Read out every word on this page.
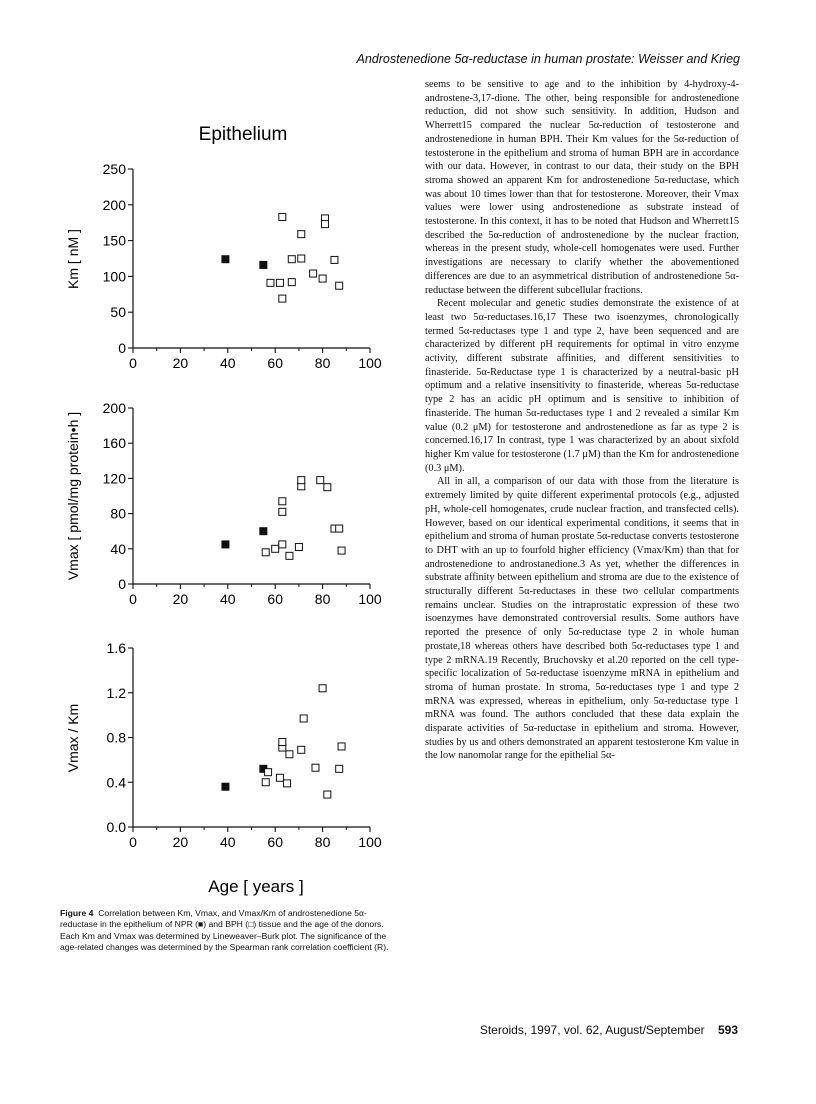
Androstenedione 5α-reductase in human prostate: Weisser and Krieg
Epithelium
0
50
100
150
200
250
0	20 40 60 80 100
Km [ nM ]
0
40
80
120
160
200
0	20 40 60 80 100
Vmax [ pmol/mg protein•h ]
0.0
0.4
0.8
1.2
1.6
0	20 40 60 80 100
Vmax / Km
Age [ years ]
Figure 4 Correlation between Km, Vmax, and Vmax/Km of androstenedione 5α-reductase in the epithelium of NPR (■) and BPH (□) tissue and the age of the donors. Each Km and Vmax was determined by Lineweaver–Burk plot. The significance of the age-related changes was determined by the Spearman rank correlation coefficient (R).

seems to be sensitive to age and to the inhibition by 4-hydroxy-4-androstene-3,17-dione. The other, being responsible for androstenedione reduction, did not show such sensitivity. In addition, Hudson and Wherrett15 compared the nuclear 5α-reduction of testosterone and androstenedione in human BPH. Their Km values for the 5α-reduction of testosterone in the epithelium and stroma of human BPH are in accordance with our data. However, in contrast to our data, their study on the BPH stroma showed an apparent Km for androstenedione 5α-reductase, which was about 10 times lower than that for testosterone. Moreover, their Vmax values were lower using androstenedione as substrate instead of testosterone. In this context, it has to be noted that Hudson and Wherrett15 described the 5α-reduction of androstenedione by the nuclear fraction, whereas in the present study, whole-cell homogenates were used. Further investigations are necessary to clarify whether the abovementioned differences are due to an asymmetrical distribution of androstenedione 5α-reductase between the different subcellular fractions.

Recent molecular and genetic studies demonstrate the existence of at least two 5α-reductases.16,17 These two isoenzymes, chronologically termed 5α-reductases type 1 and type 2, have been sequenced and are characterized by different pH requirements for optimal in vitro enzyme activity, different substrate affinities, and different sensitivities to finasteride. 5α-Reductase type 1 is characterized by a neutral-basic pH optimum and a relative insensitivity to finasteride, whereas 5α-reductase type 2 has an acidic pH optimum and is sensitive to inhibition of finasteride. The human 5α-reductases type 1 and 2 revealed a similar Km value (0.2 μM) for testosterone and androstenedione as far as type 2 is concerned.16,17 In contrast, type 1 was characterized by an about sixfold higher Km value for testosterone (1.7 μM) than the Km for androstenedione (0.3 μM).

All in all, a comparison of our data with those from the literature is extremely limited by quite different experimental protocols (e.g., adjusted pH, whole-cell homogenates, crude nuclear fraction, and transfected cells). However, based on our identical experimental conditions, it seems that in epithelium and stroma of human prostate 5α-reductase converts testosterone to DHT with an up to fourfold higher efficiency (Vmax/Km) than that for androstenedione to androstanedione.3 As yet, whether the differences in substrate affinity between epithelium and stroma are due to the existence of structurally different 5α-reductases in these two cellular compartments remains unclear. Studies on the intraprostatic expression of these two isoenzymes have demonstrated controversial results. Some authors have reported the presence of only 5α-reductase type 2 in whole human prostate,18 whereas others have described both 5α-reductases type 1 and type 2 mRNA.19 Recently, Bruchovsky et al.20 reported on the cell type-specific localization of 5α-reductase isoenzyme mRNA in epithelium and stroma of human prostate. In stroma, 5α-reductases type 1 and type 2 mRNA was expressed, whereas in epithelium, only 5α-reductase type 1 mRNA was found. The authors concluded that these data explain the disparate activities of 5α-reductase in epithelium and stroma. However, studies by us and others demonstrated an apparent testosterone Km value in the low nanomolar range for the epithelial 5α-

Steroids, 1997, vol. 62, August/September 593
